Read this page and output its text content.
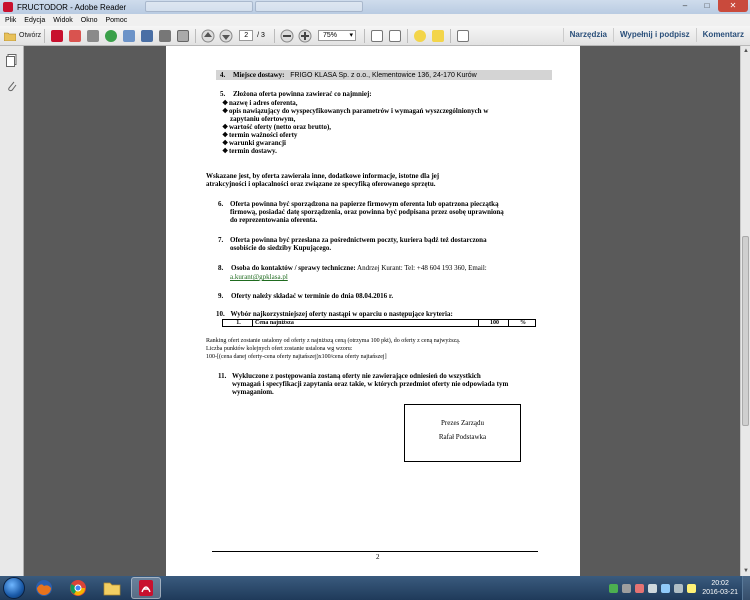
FRUCTODOR - Adobe Reader	–	□	✕
Plik Edycja Widok Okno Pomoc
Otwórz	2	/ 3	75% ▾	Narzędzia	Wypełnij i podpisz	Komentarz

▲
▼
4. Miejsce dostawy: FRIGO KLASA Sp. z o.o., Klementowice 136, 24-170 Kurów
5. Złożona oferta powinna zawierać co najmniej:
❖nazwę i adres oferenta,
❖opis nawiązujący do wyspecyfikowanych parametrów i wymagań wyszczególnionych w
zapytaniu ofertowym,
❖wartość oferty (netto oraz brutto),
❖termin ważności oferty
❖warunki gwarancji
❖termin dostawy.
Wskazane jest, by oferta zawierała inne, dodatkowe informacje, istotne dla jej
atrakcyjności i opłacalności oraz związane ze specyfiką oferowanego sprzętu.
6. Oferta powinna być sporządzona na papierze firmowym oferenta lub opatrzona pieczątką
firmową, posiadać datę sporządzenia, oraz powinna być podpisana przez osobę uprawnioną
do reprezentowania oferenta.
7. Oferta powinna być przesłana za pośrednictwem poczty, kuriera bądź też dostarczona
osobiście do siedziby Kupującego.
8. Osoba do kontaktów / sprawy techniczne: Andrzej Kurant: Tel: +48 604 193 360, Email:
a.kurant@gpklasa.pl
9. Oferty należy składać w terminie do dnia 08.04.2016 r.
10. Wybór najkorzystniejszej oferty nastąpi w oparciu o następujące kryteria:
1.	Cena najniższa	100	%
Ranking ofert zostanie ustalony od oferty z najniższą ceną (otrzyma 100 pkt), do oferty z ceną najwyższą.
Liczba punktów kolejnych ofert zostanie ustalona wg wzoru:
100-[(cena danej oferty-cena oferty najtańszej)x100/cena oferty najtańszej]
11. Wykluczone z postępowania zostaną oferty nie zawierające odniesień do wszystkich
wymagań i specyfikacji zapytania oraz takie, w których przedmiot oferty nie odpowiada tym
wymaganiom.
Prezes Zarządu
Rafał Podstawka
2
20:02
2016-03-21
